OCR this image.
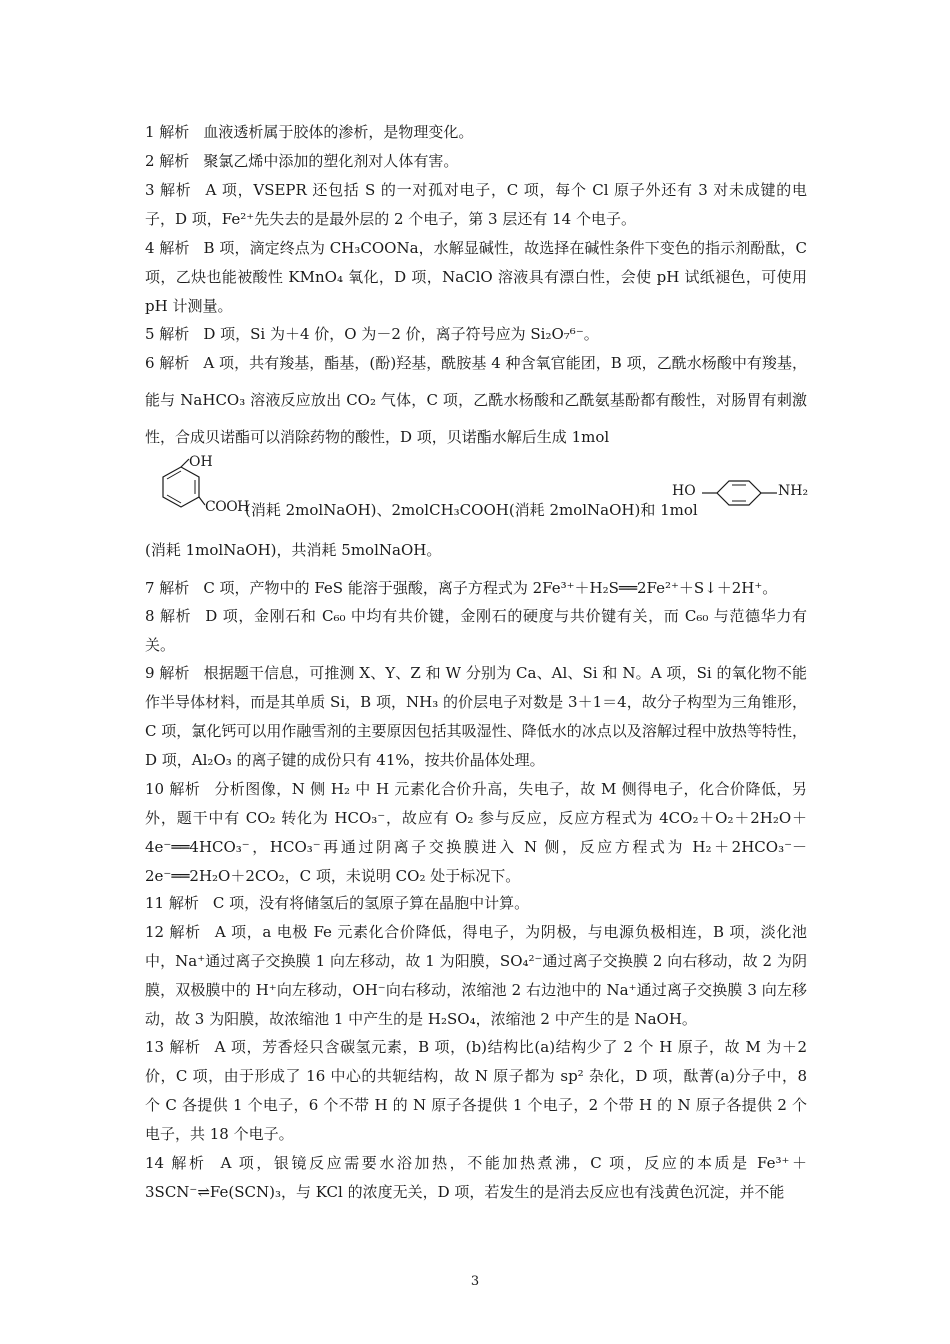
1 解析 血液透析属于胶体的渗析，是物理变化。
2 解析 聚氯乙烯中添加的塑化剂对人体有害。
3 解析 A 项，VSEPR 还包括 S 的一对孤对电子，C 项，每个 Cl 原子外还有 3 对未成键的电子，D 项，Fe²⁺先失去的是最外层的 2 个电子，第 3 层还有 14 个电子。
4 解析 B 项，滴定终点为 CH₃COONa，水解显碱性，故选择在碱性条件下变色的指示剂酚酞，C 项，乙炔也能被酸性 KMnO₄ 氧化，D 项，NaClO 溶液具有漂白性，会使 pH 试纸褪色，可使用 pH 计测量。
5 解析 D 项，Si 为＋4 价，O 为－2 价，离子符号应为 Si₂O₇⁶⁻。
6 解析 A 项，共有羧基，酯基，(酚)羟基，酰胺基 4 种含氧官能团，B 项，乙酰水杨酸中有羧基，能与 NaHCO₃ 溶液反应放出 CO₂ 气体，C 项，乙酰水杨酸和乙酰氨基酚都有酸性，对肠胃有刺激性，合成贝诺酯可以消除药物的酸性，D 项，贝诺酯水解后生成 1mol
OH
COOH
(消耗 2molNaOH)、2molCH₃COOH(消耗 2molNaOH)和 1mol
HO	NH₂
(消耗 1molNaOH)，共消耗 5molNaOH。
7 解析 C 项，产物中的 FeS 能溶于强酸，离子方程式为 2Fe³⁺＋H₂S══2Fe²⁺＋S↓＋2H⁺。
8 解析 D 项，金刚石和 C₆₀ 中均有共价键，金刚石的硬度与共价键有关，而 C₆₀ 与范德华力有关。
9 解析 根据题干信息，可推测 X、Y、Z 和 W 分别为 Ca、Al、Si 和 N。A 项，Si 的氧化物不能作半导体材料，而是其单质 Si，B 项，NH₃ 的价层电子对数是 3＋1＝4，故分子构型为三角锥形，C 项，氯化钙可以用作融雪剂的主要原因包括其吸湿性、降低水的冰点以及溶解过程中放热等特性，D 项，Al₂O₃ 的离子键的成份只有 41%，按共价晶体处理。
10 解析 分析图像，N 侧 H₂ 中 H 元素化合价升高，失电子，故 M 侧得电子，化合价降低，另外，题干中有 CO₂ 转化为 HCO₃⁻，故应有 O₂ 参与反应，反应方程式为 4CO₂＋O₂＋2H₂O＋4e⁻══4HCO₃⁻，HCO₃⁻再通过阴离子交换膜进入 N 侧，反应方程式为 H₂＋2HCO₃⁻－2e⁻══2H₂O＋2CO₂，C 项，未说明 CO₂ 处于标况下。
11 解析 C 项，没有将储氢后的氢原子算在晶胞中计算。
12 解析 A 项，a 电极 Fe 元素化合价降低，得电子，为阴极，与电源负极相连，B 项，淡化池中，Na⁺通过离子交换膜 1 向左移动，故 1 为阳膜，SO₄²⁻通过离子交换膜 2 向右移动，故 2 为阴膜，双极膜中的 H⁺向左移动，OH⁻向右移动，浓缩池 2 右边池中的 Na⁺通过离子交换膜 3 向左移动，故 3 为阳膜，故浓缩池 1 中产生的是 H₂SO₄，浓缩池 2 中产生的是 NaOH。
13 解析 A 项，芳香烃只含碳氢元素，B 项，(b)结构比(a)结构少了 2 个 H 原子，故 M 为＋2 价，C 项，由于形成了 16 中心的共轭结构，故 N 原子都为 sp² 杂化，D 项，酞菁(a)分子中，8 个 C 各提供 1 个电子，6 个不带 H 的 N 原子各提供 1 个电子，2 个带 H 的 N 原子各提供 2 个电子，共 18 个电子。
14 解析 A 项，银镜反应需要水浴加热，不能加热煮沸，C 项，反应的本质是 Fe³⁺＋3SCN⁻⇌Fe(SCN)₃，与 KCl 的浓度无关，D 项，若发生的是消去反应也有浅黄色沉淀，并不能
3
